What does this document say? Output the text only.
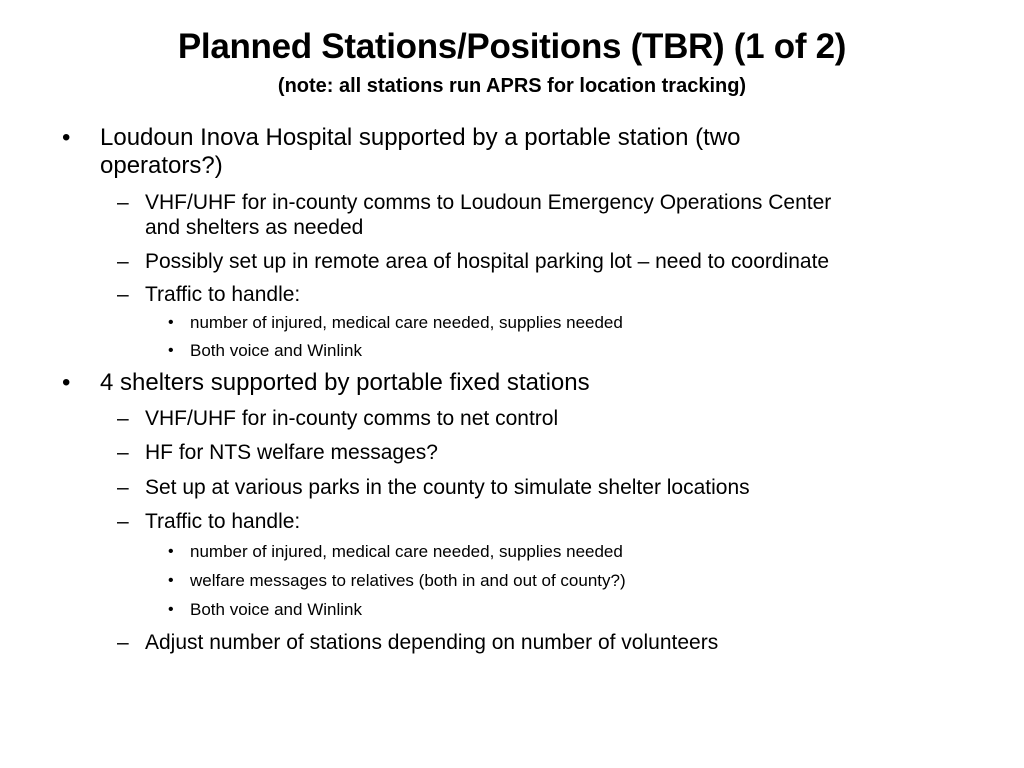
Planned Stations/Positions (TBR) (1 of 2)
(note: all stations run APRS for location tracking)
• Loudoun Inova Hospital supported by a portable station (two
operators?)
– VHF/UHF for in-county comms to Loudoun Emergency Operations Center
and shelters as needed
– Possibly set up in remote area of hospital parking lot – need to coordinate
– Traffic to handle:
• number of injured, medical care needed, supplies needed
• Both voice and Winlink
• 4 shelters supported by portable fixed stations
– VHF/UHF for in-county comms to net control
– HF for NTS welfare messages?
– Set up at various parks in the county to simulate shelter locations
– Traffic to handle:
• number of injured, medical care needed, supplies needed
• welfare messages to relatives (both in and out of county?)
• Both voice and Winlink
– Adjust number of stations depending on number of volunteers
